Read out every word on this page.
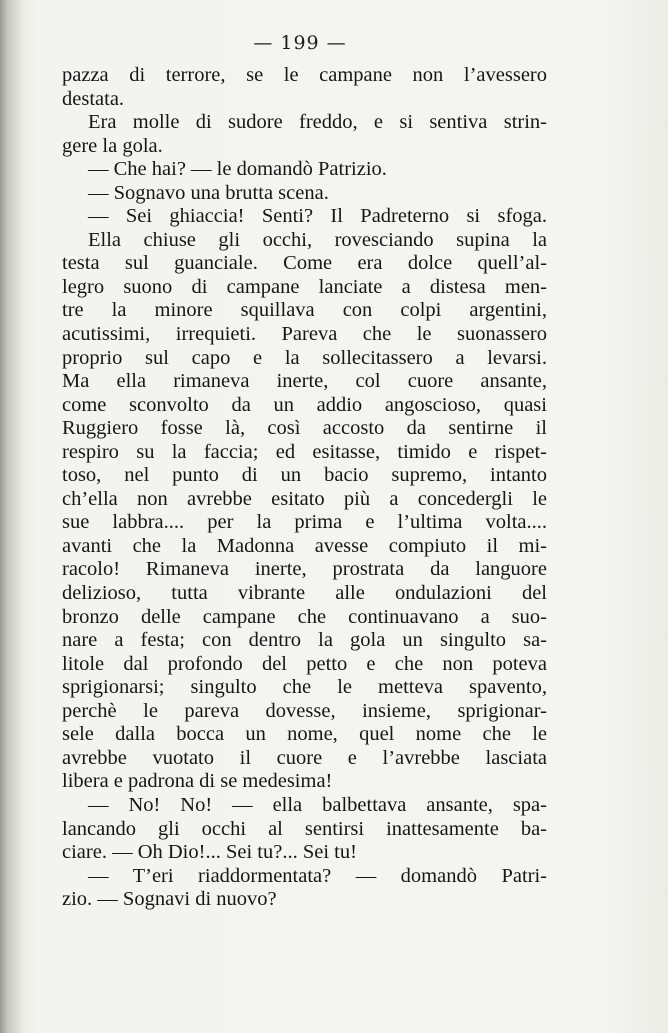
— 199 —
pazza di terrore, se le campane non l’avessero
destata.
Era molle di sudore freddo, e si sentiva strin-
gere la gola.
— Che hai? — le domandò Patrizio.
— Sognavo una brutta scena.
— Sei ghiaccia! Senti? Il Padreterno si sfoga.
Ella chiuse gli occhi, rovesciando supina la
testa sul guanciale. Come era dolce quell’al-
legro suono di campane lanciate a distesa men-
tre la minore squillava con colpi argentini,
acutissimi, irrequieti. Pareva che le suonassero
proprio sul capo e la sollecitassero a levarsi.
Ma ella rimaneva inerte, col cuore ansante,
come sconvolto da un addio angoscioso, quasi
Ruggiero fosse là, così accosto da sentirne il
respiro su la faccia; ed esitasse, timido e rispet-
toso, nel punto di un bacio supremo, intanto
ch’ella non avrebbe esitato più a concedergli le
sue labbra.... per la prima e l’ultima volta....
avanti che la Madonna avesse compiuto il mi-
racolo! Rimaneva inerte, prostrata da languore
delizioso, tutta vibrante alle ondulazioni del
bronzo delle campane che continuavano a suo-
nare a festa; con dentro la gola un singulto sa-
litole dal profondo del petto e che non poteva
sprigionarsi; singulto che le metteva spavento,
perchè le pareva dovesse, insieme, sprigionar-
sele dalla bocca un nome, quel nome che le
avrebbe vuotato il cuore e l’avrebbe lasciata
libera e padrona di se medesima!
— No! No! — ella balbettava ansante, spa-
lancando gli occhi al sentirsi inattesamente ba-
ciare. — Oh Dio!... Sei tu?... Sei tu!
— T’eri riaddormentata? — domandò Patri-
zio. — Sognavi di nuovo?
